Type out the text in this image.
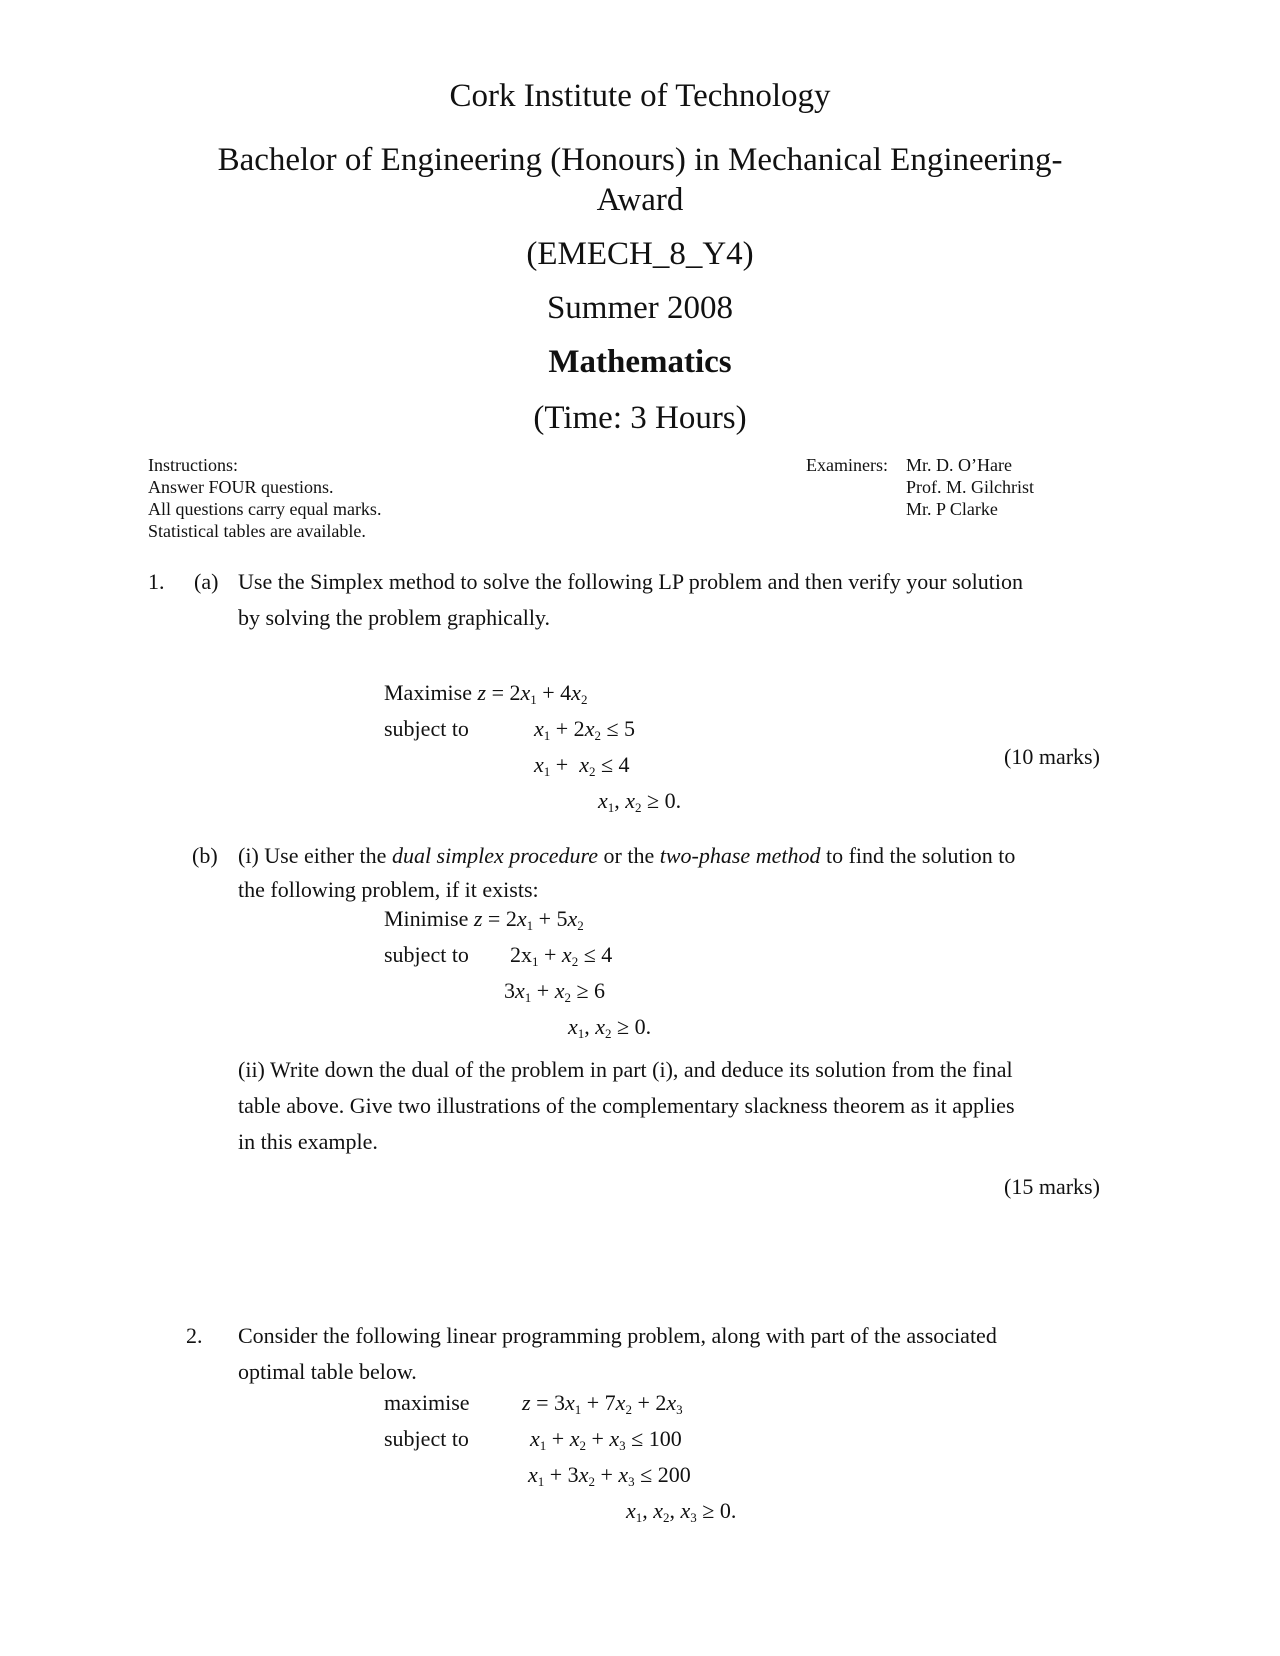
Cork Institute of Technology
Bachelor of Engineering (Honours) in Mechanical Engineering-
Award
(EMECH_8_Y4)
Summer 2008
Mathematics
(Time: 3 Hours)
Instructions:
Answer FOUR questions.
All questions carry equal marks.
Statistical tables are available.
Examiners: Mr. D. O’Hare
Prof. M. Gilchrist
Mr. P Clarke
1. (a) Use the Simplex method to solve the following LP problem and then verify your solution
by solving the problem graphically.
Maximise $z = 2x_1 + 4x_2$
subject to	$x_1 + 2x_2 \le 5$
$x_1 + x_2 \le 4$
$x_1$, $x_2 \ge 0$.
(10 marks)
(b) (i) Use either the dual simplex procedure or the two-phase method to find the solution to
the following problem, if it exists:
Minimise $z = 2x_1 + 5x_2$
subject to $2x_1 + x_2 \le 4$
$3x_1 + x_2 \ge 6$
$x_1$, $x_2 \ge 0$.
(ii) Write down the dual of the problem in part (i), and deduce its solution from the final
table above. Give two illustrations of the complementary slackness theorem as it applies
in this example.
(15 marks)
2. Consider the following linear programming problem, along with part of the associated
optimal table below.
maximise $z = 3x_1 + 7x_2 + 2x_3$
subject to	$x_1 + x_2 + x_3 \le 100$
$x_1 + 3x_2 + x_3 \le 200$
$x_1$, $x_2$, $x_3 \ge 0$.
